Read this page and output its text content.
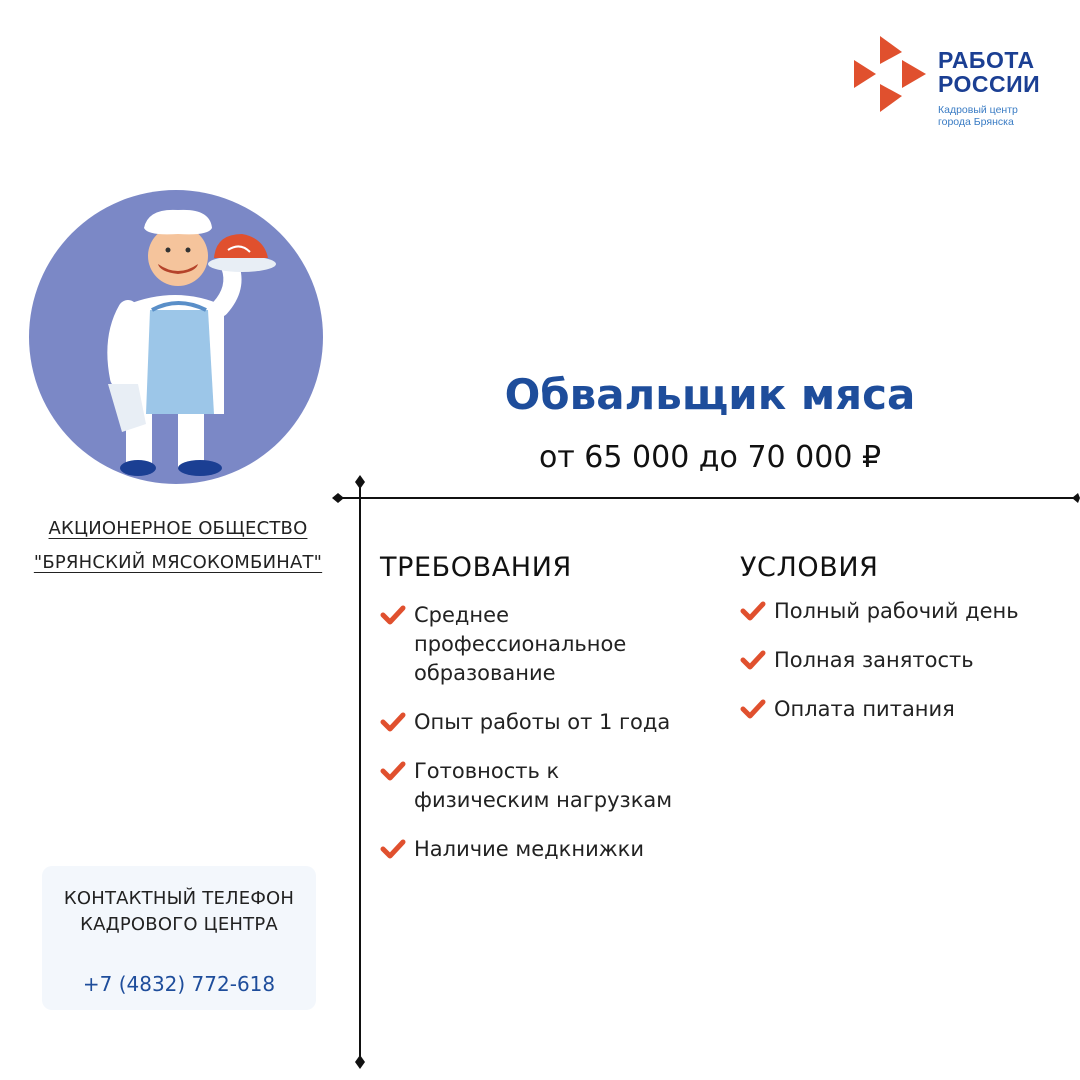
РАБОТА
РОССИИ
Кадровый центр
города Брянска
АКЦИОНЕРНОЕ ОБЩЕСТВО
"БРЯНСКИЙ МЯСОКОМБИНАТ"
Обвальщик мяса
от 65 000 до 70 000 ₽
ТРЕБОВАНИЯ
Среднее
профессиональное
образование
Опыт работы от 1 года
Готовность к
физическим нагрузкам
Наличие медкнижки
УСЛОВИЯ
Полный рабочий день
Полная занятость
Оплата питания
КОНТАКТНЫЙ ТЕЛЕФОН
КАДРОВОГО ЦЕНТРА
+7 (4832) 772-618
